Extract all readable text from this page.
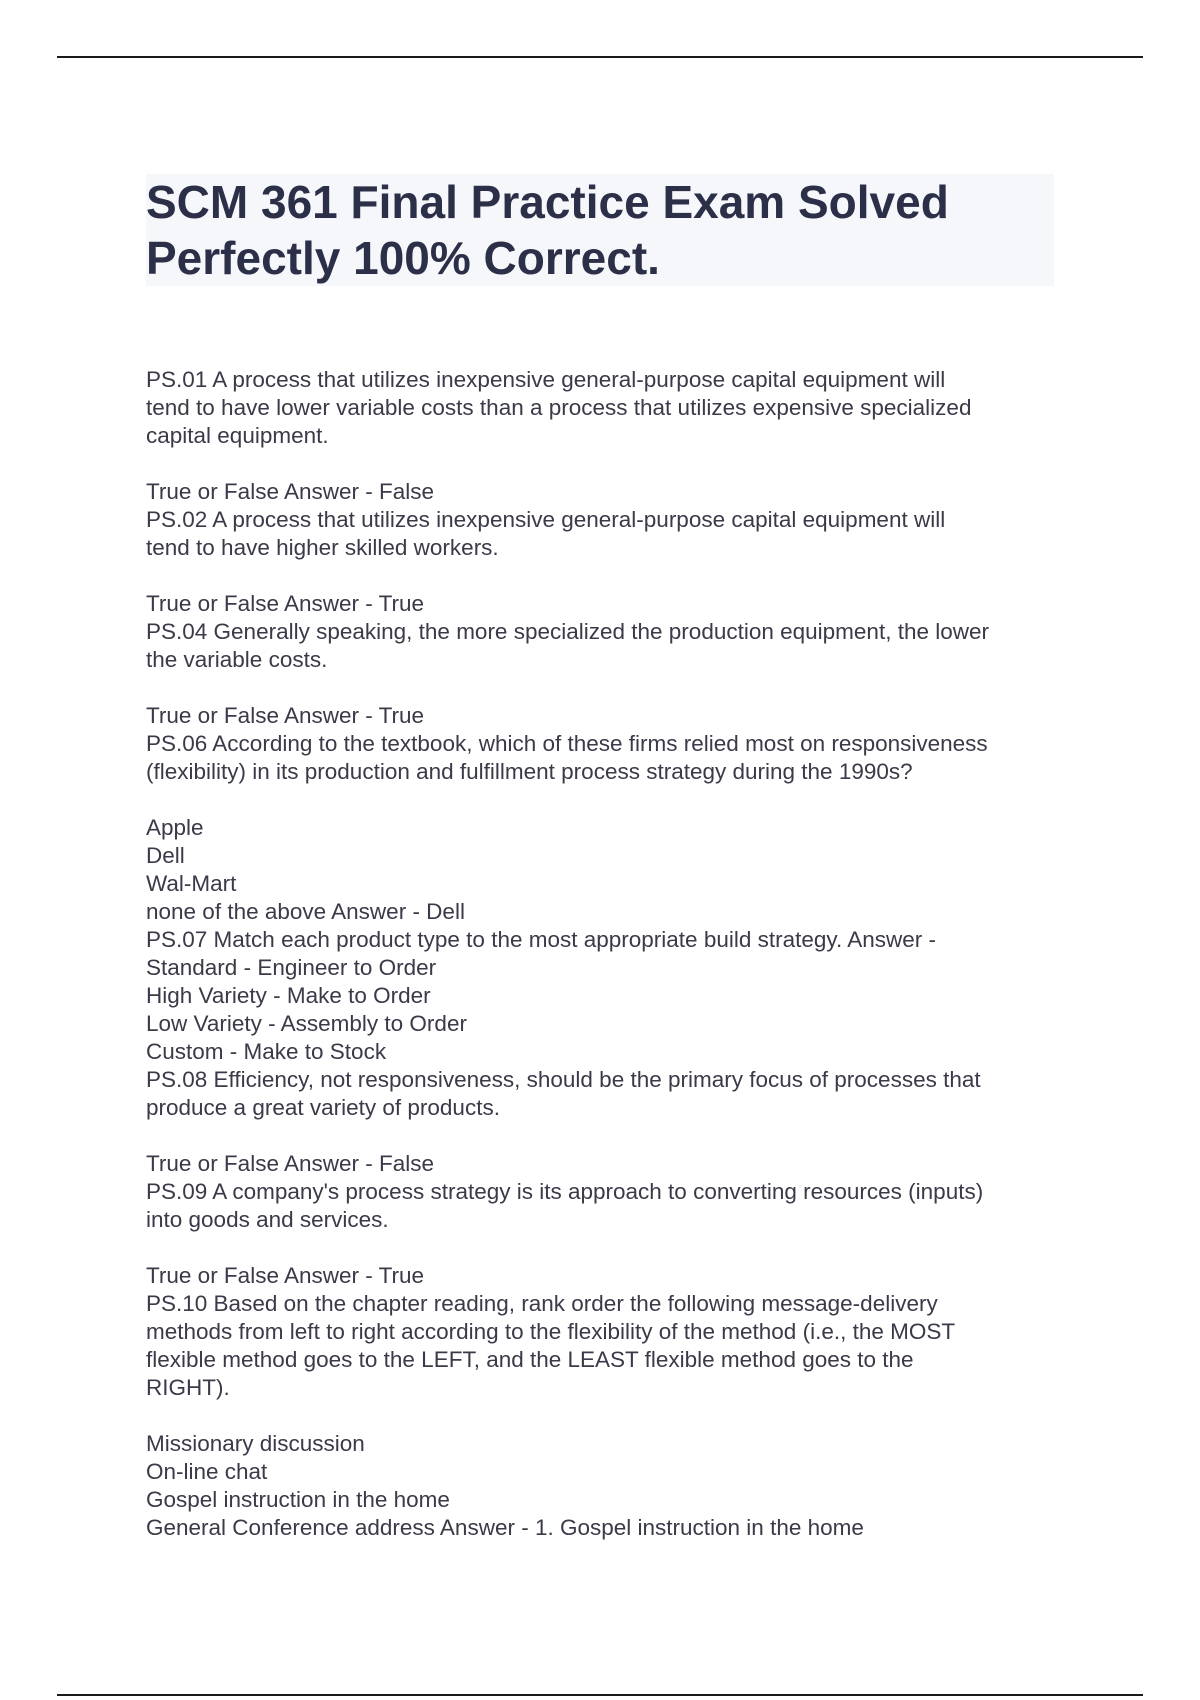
SCM 361 Final Practice Exam Solved
Perfectly 100% Correct.
PS.01 A process that utilizes inexpensive general-purpose capital equipment will
tend to have lower variable costs than a process that utilizes expensive specialized
capital equipment.
True or False Answer - False
PS.02 A process that utilizes inexpensive general-purpose capital equipment will
tend to have higher skilled workers.
True or False Answer - True
PS.04 Generally speaking, the more specialized the production equipment, the lower
the variable costs.
True or False Answer - True
PS.06 According to the textbook, which of these firms relied most on responsiveness
(flexibility) in its production and fulfillment process strategy during the 1990s?
Apple
Dell
Wal-Mart
none of the above Answer - Dell
PS.07 Match each product type to the most appropriate build strategy. Answer -
Standard - Engineer to Order
High Variety - Make to Order
Low Variety - Assembly to Order
Custom - Make to Stock
PS.08 Efficiency, not responsiveness, should be the primary focus of processes that
produce a great variety of products.
True or False Answer - False
PS.09 A company's process strategy is its approach to converting resources (inputs)
into goods and services.
True or False Answer - True
PS.10 Based on the chapter reading, rank order the following message-delivery
methods from left to right according to the flexibility of the method (i.e., the MOST
flexible method goes to the LEFT, and the LEAST flexible method goes to the
RIGHT).
Missionary discussion
On-line chat
Gospel instruction in the home
General Conference address Answer - 1. Gospel instruction in the home
